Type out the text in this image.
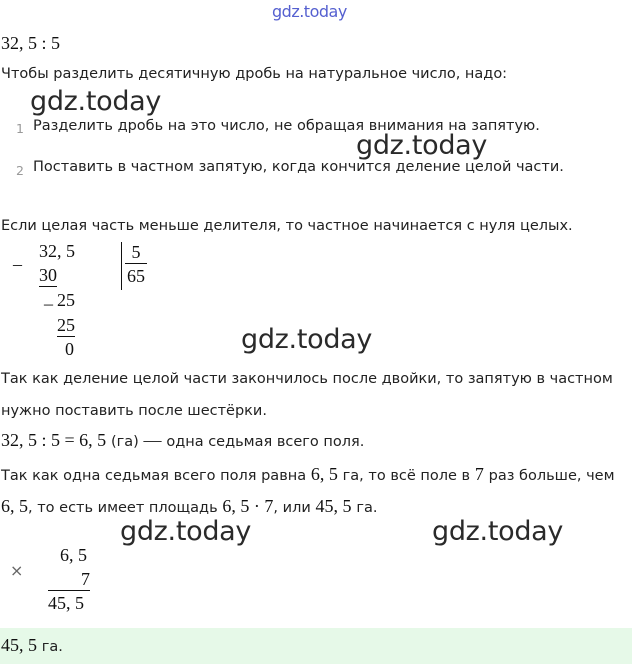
gdz.today
32, 5 : 5
Чтобы разделить десятичную дробь на натуральное число, надо:
gdz.today
1 Разделить дробь на это число, не обращая внимания на запятую.
gdz.today
2 Поставить в частном запятую, когда кончится деление целой части.
Если целая часть меньше делителя, то частное начинается с нуля целых.
–
32, 5	5
65
30
_ 25
25
0	gdz.today
Так как деление целой части закончилось после двойки, то запятую в частном
нужно поставить после шестёрки.
32, 5 : 5 = 6, 5 (га) — одна седьмая всего поля.
Так как одна седьмая всего поля равна 6, 5 га, то всё поле в 7 раз больше, чем
6, 5, то есть имеет площадь 6, 5 · 7, или 45, 5 га.
gdz.today	gdz.today
×
6, 5
7
45, 5
45, 5 га.
